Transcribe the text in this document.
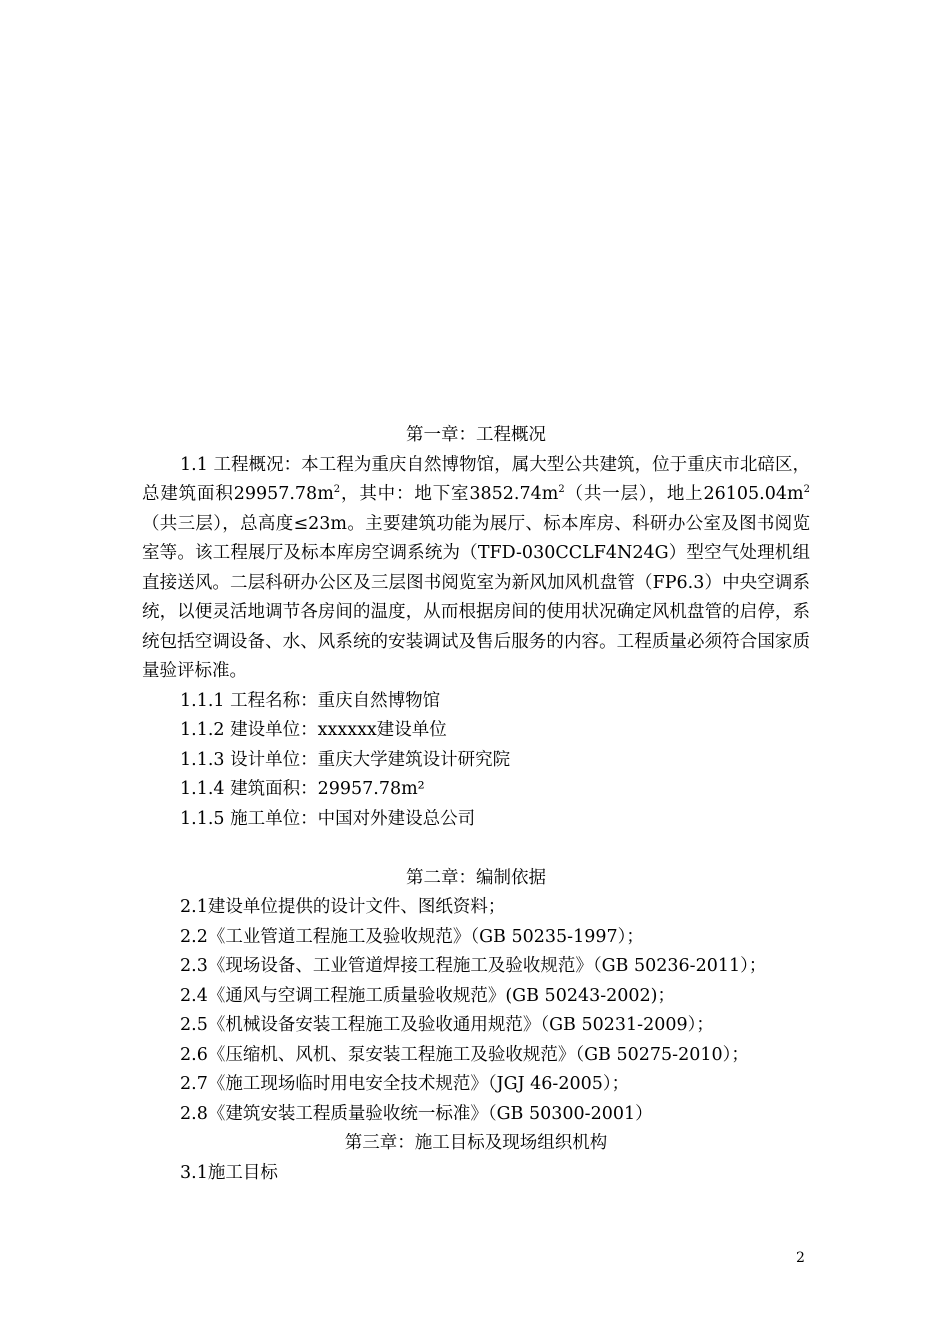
第一章：工程概况

1.1 工程概况：本工程为重庆自然博物馆，属大型公共建筑，位于重庆市北碚区，总建筑面积$29957.78m^2$，其中：地下室$3852.74m^2$（共一层），地上$26105.04m^2$（共三层），总高度≤23m。主要建筑功能为展厅、标本库房、科研办公室及图书阅览室等。该工程展厅及标本库房空调系统为（TFD-030CCLF4N24G）型空气处理机组直接送风。二层科研办公区及三层图书阅览室为新风加风机盘管（FP6.3）中央空调系统，以便灵活地调节各房间的温度，从而根据房间的使用状况确定风机盘管的启停，系统包括空调设备、水、风系统的安装调试及售后服务的内容。工程质量必须符合国家质量验评标准。

1.1.1 工程名称：重庆自然博物馆

1.1.2 建设单位：xxxxxx建设单位

1.1.3 设计单位：重庆大学建筑设计研究院

1.1.4 建筑面积：29957.78m²

1.1.5 施工单位：中国对外建设总公司

第二章：编制依据

2.1建设单位提供的设计文件、图纸资料；

2.2《工业管道工程施工及验收规范》（GB 50235-1997）；

2.3《现场设备、工业管道焊接工程施工及验收规范》（GB 50236-2011）；

2.4《通风与空调工程施工质量验收规范》(GB 50243-2002)；

2.5《机械设备安装工程施工及验收通用规范》（GB 50231-2009）；

2.6《压缩机、风机、泵安装工程施工及验收规范》（GB 50275-2010）；

2.7《施工现场临时用电安全技术规范》（JGJ 46-2005）；

2.8《建筑安装工程质量验收统一标准》（GB 50300-2001）

第三章：施工目标及现场组织机构

3.1施工目标

2
